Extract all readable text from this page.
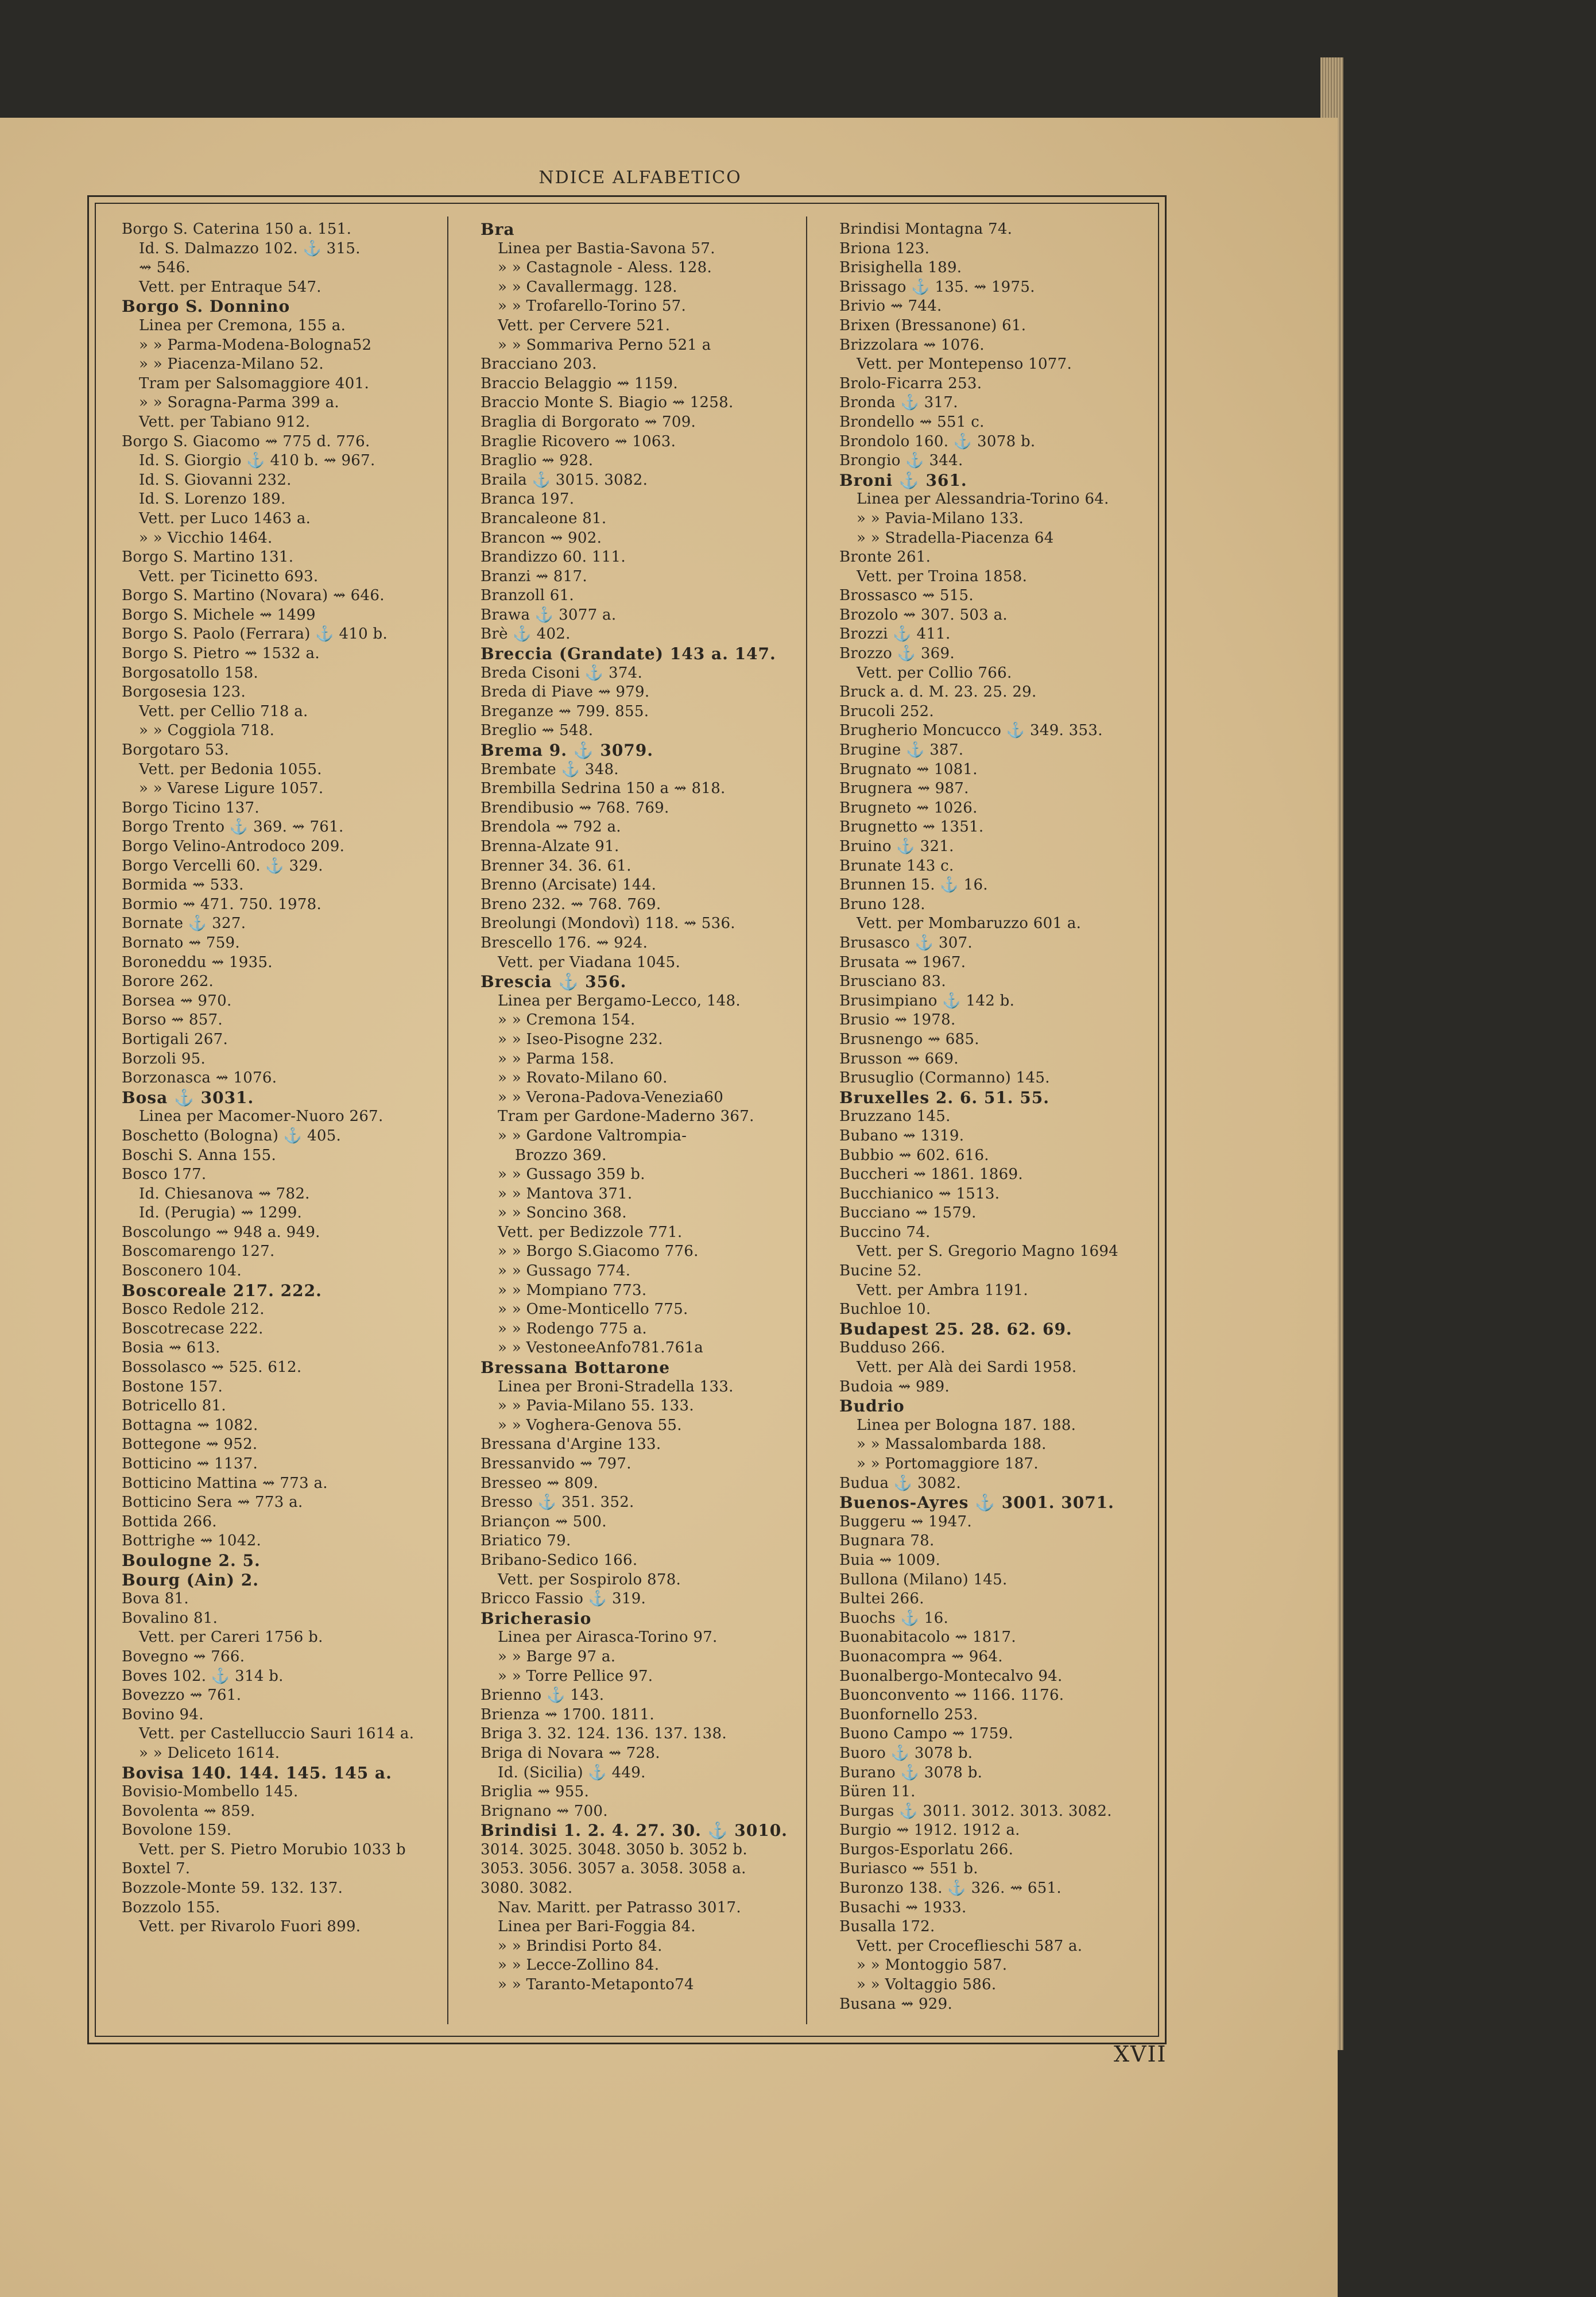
NDICE ALFABETICO
Borgo S. Caterina 150 a. 151.
Id. S. Dalmazzo 102. ⚓ 315.
⇝ 546.
Vett. per Entraque 547.
Borgo S. Donnino
Linea per Cremona, 155 a.
» » Parma-Modena-Bologna52
» » Piacenza-Milano 52.
Tram per Salsomaggiore 401.
» » Soragna-Parma 399 a.
Vett. per Tabiano 912.
Borgo S. Giacomo ⇝ 775 d. 776.
Id. S. Giorgio ⚓ 410 b. ⇝ 967.
Id. S. Giovanni 232.
Id. S. Lorenzo 189.
Vett. per Luco 1463 a.
» » Vicchio 1464.
Borgo S. Martino 131.
Vett. per Ticinetto 693.
Borgo S. Martino (Novara) ⇝ 646.
Borgo S. Michele ⇝ 1499
Borgo S. Paolo (Ferrara) ⚓ 410 b.
Borgo S. Pietro ⇝ 1532 a.
Borgosatollo 158.
Borgosesia 123.
Vett. per Cellio 718 a.
» » Coggiola 718.
Borgotaro 53.
Vett. per Bedonia 1055.
» » Varese Ligure 1057.
Borgo Ticino 137.
Borgo Trento ⚓ 369. ⇝ 761.
Borgo Velino-Antrodoco 209.
Borgo Vercelli 60. ⚓ 329.
Bormida ⇝ 533.
Bormio ⇝ 471. 750. 1978.
Bornate ⚓ 327.
Bornato ⇝ 759.
Boroneddu ⇝ 1935.
Borore 262.
Borsea ⇝ 970.
Borso ⇝ 857.
Bortigali 267.
Borzoli 95.
Borzonasca ⇝ 1076.
Bosa ⚓ 3031.
Linea per Macomer-Nuoro 267.
Boschetto (Bologna) ⚓ 405.
Boschi S. Anna 155.
Bosco 177.
Id. Chiesanova ⇝ 782.
Id. (Perugia) ⇝ 1299.
Boscolungo ⇝ 948 a. 949.
Boscomarengo 127.
Bosconero 104.
Boscoreale 217. 222.
Bosco Redole 212.
Boscotrecase 222.
Bosia ⇝ 613.
Bossolasco ⇝ 525. 612.
Bostone 157.
Botricello 81.
Bottagna ⇝ 1082.
Bottegone ⇝ 952.
Botticino ⇝ 1137.
Botticino Mattina ⇝ 773 a.
Botticino Sera ⇝ 773 a.
Bottida 266.
Bottrighe ⇝ 1042.
Boulogne 2. 5.
Bourg (Ain) 2.
Bova 81.
Bovalino 81.
Vett. per Careri 1756 b.
Bovegno ⇝ 766.
Boves 102. ⚓ 314 b.
Bovezzo ⇝ 761.
Bovino 94.
Vett. per Castelluccio Sauri 1614 a.
» » Deliceto 1614.
Bovisa 140. 144. 145. 145 a.
Bovisio-Mombello 145.
Bovolenta ⇝ 859.
Bovolone 159.
Vett. per S. Pietro Morubio 1033 b
Boxtel 7.
Bozzole-Monte 59. 132. 137.
Bozzolo 155.
Vett. per Rivarolo Fuori 899.
Bra
Linea per Bastia-Savona 57.
» » Castagnole - Aless. 128.
» » Cavallermagg. 128.
» » Trofarello-Torino 57.
Vett. per Cervere 521.
» » Sommariva Perno 521 a
Bracciano 203.
Braccio Belaggio ⇝ 1159.
Braccio Monte S. Biagio ⇝ 1258.
Braglia di Borgorato ⇝ 709.
Braglie Ricovero ⇝ 1063.
Braglio ⇝ 928.
Braila ⚓ 3015. 3082.
Branca 197.
Brancaleone 81.
Brancon ⇝ 902.
Brandizzo 60. 111.
Branzi ⇝ 817.
Branzoll 61.
Brawa ⚓ 3077 a.
Brè ⚓ 402.
Breccia (Grandate) 143 a. 147.
Breda Cisoni ⚓ 374.
Breda di Piave ⇝ 979.
Breganze ⇝ 799. 855.
Breglio ⇝ 548.
Brema 9. ⚓ 3079.
Brembate ⚓ 348.
Brembilla Sedrina 150 a ⇝ 818.
Brendibusio ⇝ 768. 769.
Brendola ⇝ 792 a.
Brenna-Alzate 91.
Brenner 34. 36. 61.
Brenno (Arcisate) 144.
Breno 232. ⇝ 768. 769.
Breolungi (Mondovì) 118. ⇝ 536.
Brescello 176. ⇝ 924.
Vett. per Viadana 1045.
Brescia ⚓ 356.
Linea per Bergamo-Lecco, 148.
» » Cremona 154.
» » Iseo-Pisogne 232.
» » Parma 158.
» » Rovato-Milano 60.
» » Verona-Padova-Venezia60
Tram per Gardone-Maderno 367.
» » Gardone Valtrompia-
Brozzo 369.
» » Gussago 359 b.
» » Mantova 371.
» » Soncino 368.
Vett. per Bedizzole 771.
» » Borgo S.Giacomo 776.
» » Gussago 774.
» » Mompiano 773.
» » Ome-Monticello 775.
» » Rodengo 775 a.
» » VestoneeAnfo781.761a
Bressana Bottarone
Linea per Broni-Stradella 133.
» » Pavia-Milano 55. 133.
» » Voghera-Genova 55.
Bressana d'Argine 133.
Bressanvido ⇝ 797.
Bresseo ⇝ 809.
Bresso ⚓ 351. 352.
Briançon ⇝ 500.
Briatico 79.
Bribano-Sedico 166.
Vett. per Sospirolo 878.
Bricco Fassio ⚓ 319.
Bricherasio
Linea per Airasca-Torino 97.
» » Barge 97 a.
» » Torre Pellice 97.
Brienno ⚓ 143.
Brienza ⇝ 1700. 1811.
Briga 3. 32. 124. 136. 137. 138.
Briga di Novara ⇝ 728.
Id. (Sicilia) ⚓ 449.
Briglia ⇝ 955.
Brignano ⇝ 700.
Brindisi 1. 2. 4. 27. 30. ⚓ 3010.
3014. 3025. 3048. 3050 b. 3052 b.
3053. 3056. 3057 a. 3058. 3058 a.
3080. 3082.
Nav. Maritt. per Patrasso 3017.
Linea per Bari-Foggia 84.
» » Brindisi Porto 84.
» » Lecce-Zollino 84.
» » Taranto-Metaponto74
Brindisi Montagna 74.
Briona 123.
Brisighella 189.
Brissago ⚓ 135. ⇝ 1975.
Brivio ⇝ 744.
Brixen (Bressanone) 61.
Brizzolara ⇝ 1076.
Vett. per Montepenso 1077.
Brolo-Ficarra 253.
Bronda ⚓ 317.
Brondello ⇝ 551 c.
Brondolo 160. ⚓ 3078 b.
Brongio ⚓ 344.
Broni ⚓ 361.
Linea per Alessandria-Torino 64.
» » Pavia-Milano 133.
» » Stradella-Piacenza 64
Bronte 261.
Vett. per Troina 1858.
Brossasco ⇝ 515.
Brozolo ⇝ 307. 503 a.
Brozzi ⚓ 411.
Brozzo ⚓ 369.
Vett. per Collio 766.
Bruck a. d. M. 23. 25. 29.
Brucoli 252.
Brugherio Moncucco ⚓ 349. 353.
Brugine ⚓ 387.
Brugnato ⇝ 1081.
Brugnera ⇝ 987.
Brugneto ⇝ 1026.
Brugnetto ⇝ 1351.
Bruino ⚓ 321.
Brunate 143 c.
Brunnen 15. ⚓ 16.
Bruno 128.
Vett. per Mombaruzzo 601 a.
Brusasco ⚓ 307.
Brusata ⇝ 1967.
Brusciano 83.
Brusimpiano ⚓ 142 b.
Brusio ⇝ 1978.
Brusnengo ⇝ 685.
Brusson ⇝ 669.
Brusuglio (Cormanno) 145.
Bruxelles 2. 6. 51. 55.
Bruzzano 145.
Bubano ⇝ 1319.
Bubbio ⇝ 602. 616.
Buccheri ⇝ 1861. 1869.
Bucchianico ⇝ 1513.
Bucciano ⇝ 1579.
Buccino 74.
Vett. per S. Gregorio Magno 1694
Bucine 52.
Vett. per Ambra 1191.
Buchloe 10.
Budapest 25. 28. 62. 69.
Budduso 266.
Vett. per Alà dei Sardi 1958.
Budoia ⇝ 989.
Budrio
Linea per Bologna 187. 188.
» » Massalombarda 188.
» » Portomaggiore 187.
Budua ⚓ 3082.
Buenos-Ayres ⚓ 3001. 3071.
Buggeru ⇝ 1947.
Bugnara 78.
Buia ⇝ 1009.
Bullona (Milano) 145.
Bultei 266.
Buochs ⚓ 16.
Buonabitacolo ⇝ 1817.
Buonacompra ⇝ 964.
Buonalbergo-Montecalvo 94.
Buonconvento ⇝ 1166. 1176.
Buonfornello 253.
Buono Campo ⇝ 1759.
Buoro ⚓ 3078 b.
Burano ⚓ 3078 b.
Büren 11.
Burgas ⚓ 3011. 3012. 3013. 3082.
Burgio ⇝ 1912. 1912 a.
Burgos-Esporlatu 266.
Buriasco ⇝ 551 b.
Buronzo 138. ⚓ 326. ⇝ 651.
Busachi ⇝ 1933.
Busalla 172.
Vett. per Croceflieschi 587 a.
» » Montoggio 587.
» » Voltaggio 586.
Busana ⇝ 929.
XVII
